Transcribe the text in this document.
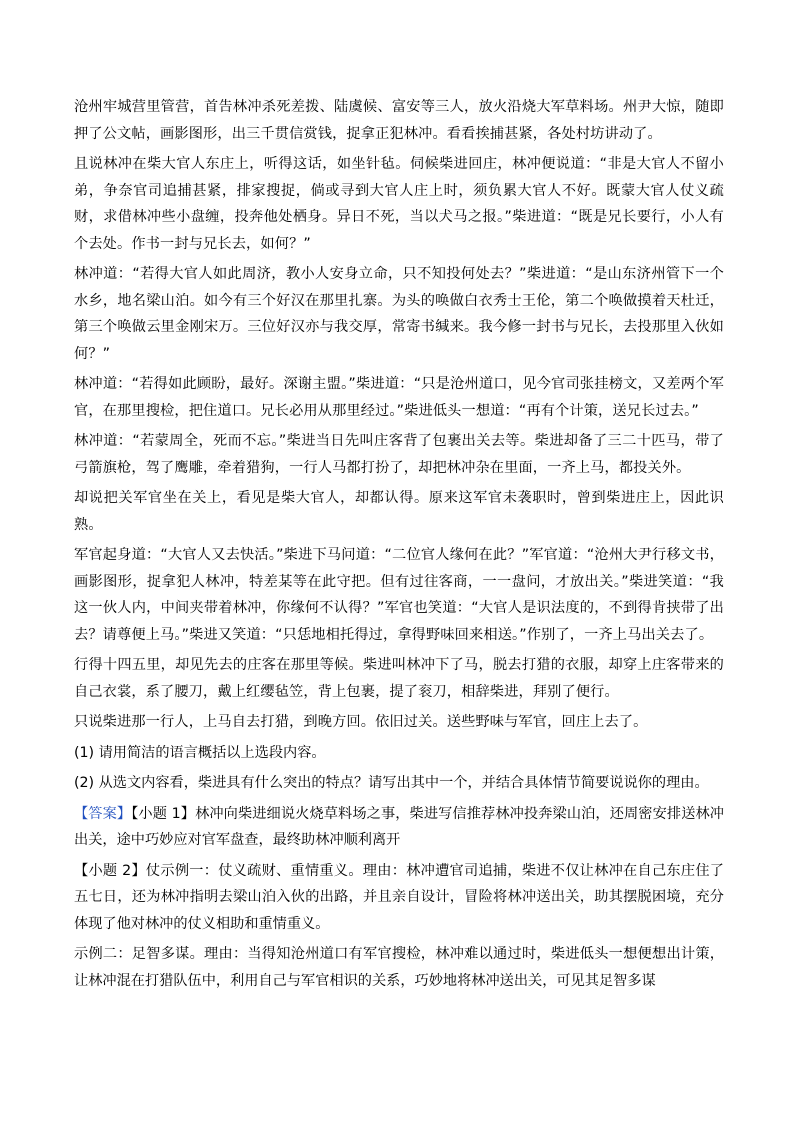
沧州牢城营里管营，首告林冲杀死差拨、陆虞候、富安等三人，放火沿烧大军草料场。州尹大惊，随即押了公文帖，画影图形，出三千贯信赏钱，捉拿正犯林冲。看看挨捕甚紧，各处村坊讲动了。

且说林冲在柴大官人东庄上，听得这话，如坐针毡。伺候柴进回庄，林冲便说道：“非是大官人不留小弟，争奈官司追捕甚紧，排家搜捉，倘或寻到大官人庄上时，须负累大官人不好。既蒙大官人仗义疏财，求借林冲些小盘缠，投奔他处栖身。异日不死，当以犬马之报。”柴进道：“既是兄长要行，小人有个去处。作书一封与兄长去，如何？”

林冲道：“若得大官人如此周济，教小人安身立命，只不知投何处去？”柴进道：“是山东济州管下一个水乡，地名梁山泊。如今有三个好汉在那里扎寨。为头的唤做白衣秀士王伦，第二个唤做摸着天杜迁，第三个唤做云里金刚宋万。三位好汉亦与我交厚，常寄书缄来。我今修一封书与兄长，去投那里入伙如何？”

林冲道：“若得如此顾盼，最好。深谢主盟。”柴进道：“只是沧州道口，见今官司张挂榜文，又差两个军官，在那里搜检，把住道口。兄长必用从那里经过。”柴进低头一想道：“再有个计策，送兄长过去。”

林冲道：“若蒙周全，死而不忘。”柴进当日先叫庄客背了包裹出关去等。柴进却备了三二十匹马，带了弓箭旗枪，驾了鹰雕，牵着猎狗，一行人马都打扮了，却把林冲杂在里面，一齐上马，都投关外。

却说把关军官坐在关上，看见是柴大官人，却都认得。原来这军官未袭职时，曾到柴进庄上，因此识熟。

军官起身道：“大官人又去快活。”柴进下马问道：“二位官人缘何在此？”军官道：“沧州大尹行移文书，画影图形，捉拿犯人林冲，特差某等在此守把。但有过往客商，一一盘问，才放出关。”柴进笑道：“我这一伙人内，中间夹带着林冲，你缘何不认得？”军官也笑道：“大官人是识法度的，不到得肯挟带了出去？请尊便上马。”柴进又笑道：“只恁地相托得过，拿得野味回来相送。”作别了，一齐上马出关去了。

行得十四五里，却见先去的庄客在那里等候。柴进叫林冲下了马，脱去打猎的衣服，却穿上庄客带来的自己衣裳，系了腰刀，戴上红缨毡笠，背上包裹，提了衮刀，相辞柴进，拜别了便行。

只说柴进那一行人，上马自去打猎，到晚方回。依旧过关。送些野味与军官，回庄上去了。

(1) 请用简洁的语言概括以上选段内容。

(2) 从选文内容看，柴进具有什么突出的特点？请写出其中一个，并结合具体情节简要说说你的理由。

【答案】【小题 1】林冲向柴进细说火烧草料场之事，柴进写信推荐林冲投奔梁山泊，还周密安排送林冲出关，途中巧妙应对官军盘查，最终助林冲顺利离开

【小题 2】仗示例一：仗义疏财、重情重义。理由：林冲遭官司追捕，柴进不仅让林冲在自己东庄住了五七日，还为林冲指明去梁山泊入伙的出路，并且亲自设计，冒险将林冲送出关，助其摆脱困境，充分体现了他对林冲的仗义相助和重情重义。

示例二：足智多谋。理由：当得知沧州道口有军官搜检，林冲难以通过时，柴进低头一想便想出计策，让林冲混在打猎队伍中，利用自己与军官相识的关系，巧妙地将林冲送出关，可见其足智多谋
